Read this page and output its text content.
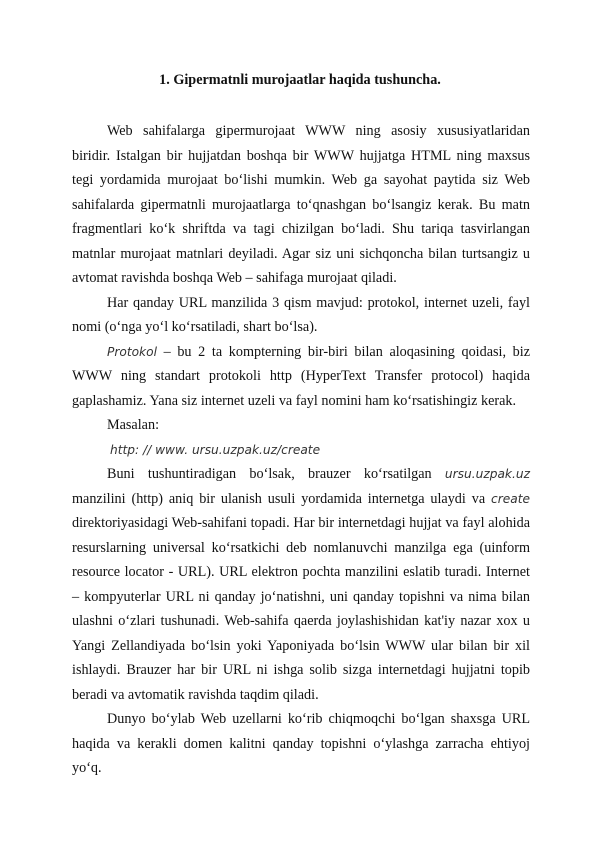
1. Gipermatnli murojaatlar haqida tushuncha.

Web sahifalarga gipermurojaat WWW ning asosiy xususiyatlaridan biridir. Istalgan bir hujjatdan boshqa bir WWW hujjatga HTML ning maxsus tegi yordamida murojaat bo‘lishi mumkin. Web ga sayohat paytida siz Web sahifalarda gipermatnli murojaatlarga to‘qnashgan bo‘lsangiz kerak. Bu matn fragmentlari ko‘k shriftda va tagi chizilgan bo‘ladi. Shu tariqa tasvirlangan matnlar murojaat matnlari deyiladi. Agar siz uni sichqoncha bilan turtsangiz u avtomat ravishda boshqa Web – sahifaga murojaat qiladi.

Har qanday URL manzilida 3 qism mavjud: protokol, internet uzeli, fayl nomi (o‘nga yo‘l ko‘rsatiladi, shart bo‘lsa).

Protokol – bu 2 ta kompterning bir-biri bilan aloqasining qoidasi, biz WWW ning standart protokoli http (HyperText Transfer protocol) haqida gaplashamiz. Yana siz internet uzeli va fayl nomini ham ko‘rsatishingiz kerak.

Masalan:

http: // www. ursu.uzpak.uz/create

Buni tushuntiradigan bo‘lsak, brauzer ko‘rsatilgan ursu.uzpak.uz manzilini (http) aniq bir ulanish usuli yordamida internetga ulaydi va create direktoriyasidagi Web-sahifani topadi. Har bir internetdagi hujjat va fayl alohida resurslarning universal ko‘rsatkichi deb nomlanuvchi manzilga ega (uinform resource locator - URL). URL elektron pochta manzilini eslatib turadi. Internet – kompyuterlar URL ni qanday jo‘natishni, uni qanday topishni va nima bilan ulashni o‘zlari tushunadi. Web-sahifa qaerda joylashishidan kat'iy nazar xox u Yangi Zellandiyada bo‘lsin yoki Yaponiyada bo‘lsin WWW ular bilan bir xil ishlaydi. Brauzer har bir URL ni ishga solib sizga internetdagi hujjatni topib beradi va avtomatik ravishda taqdim qiladi.

Dunyo bo‘ylab Web uzellarni ko‘rib chiqmoqchi bo‘lgan shaxsga URL haqida va kerakli domen kalitni qanday topishni o‘ylashga zarracha ehtiyoj yo‘q.
